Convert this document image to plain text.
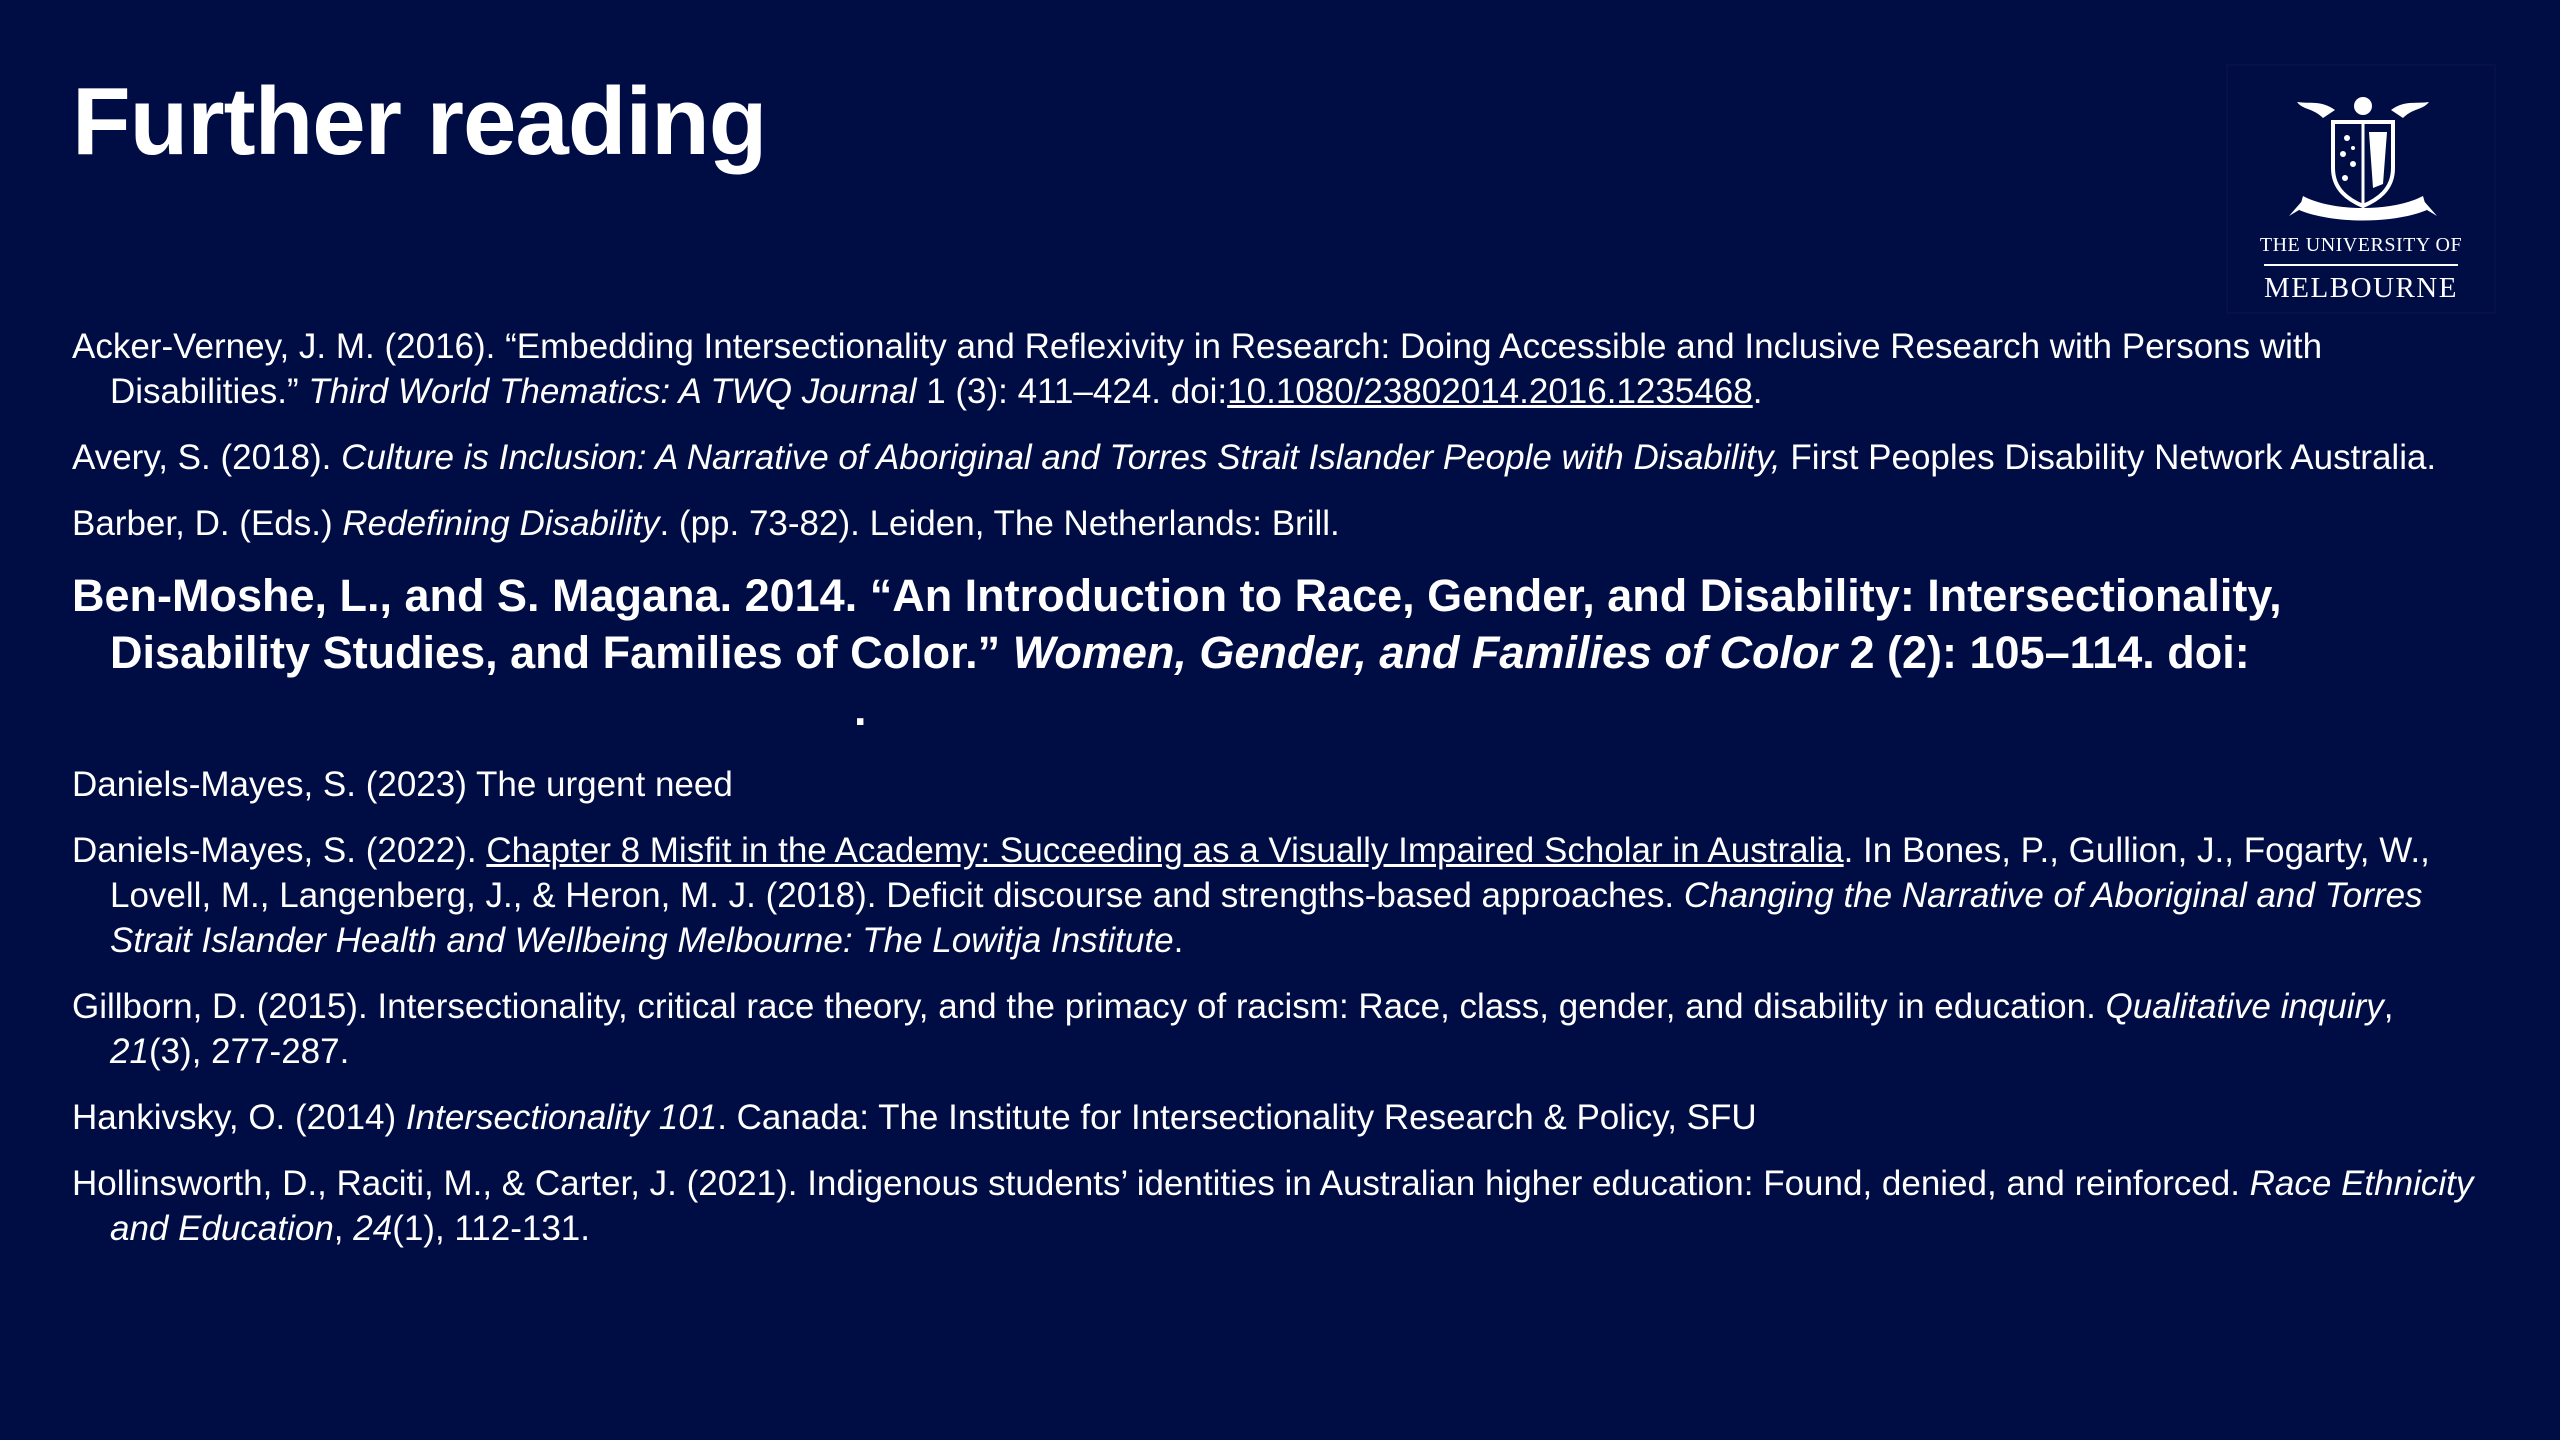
Further reading
THE UNIVERSITY OF
MELBOURNE

Acker-Verney, J. M. (2016). “Embedding Intersectionality and Reflexivity in Research: Doing Accessible and Inclusive Research with Persons with Disabilities.” Third World Thematics: A TWQ Journal 1 (3): 411–424. doi:10.1080/23802014.2016.1235468.

Avery, S. (2018). Culture is Inclusion: A Narrative of Aboriginal and Torres Strait Islander People with Disability, First Peoples Disability Network Australia.

Barber, D. (Eds.) Redefining Disability. (pp. 73-82). Leiden, The Netherlands: Brill.

Ben-Moshe, L., and S. Magana. 2014. “An Introduction to Race, Gender, and Disability: Intersectionality, Disability Studies, and Families of Color.” Women, Gender, and Families of Color 2 (2): 105–114. doi: .

Daniels-Mayes, S. (2023) The urgent need

Daniels-Mayes, S. (2022). Chapter 8 Misfit in the Academy: Succeeding as a Visually Impaired Scholar in Australia. In Bones, P., Gullion, J., Fogarty, W., Lovell, M., Langenberg, J., & Heron, M. J. (2018). Deficit discourse and strengths-based approaches. Changing the Narrative of Aboriginal and Torres Strait Islander Health and Wellbeing Melbourne: The Lowitja Institute.

Gillborn, D. (2015). Intersectionality, critical race theory, and the primacy of racism: Race, class, gender, and disability in education. Qualitative inquiry, 21(3), 277-287.

Hankivsky, O. (2014) Intersectionality 101. Canada: The Institute for Intersectionality Research & Policy, SFU

Hollinsworth, D., Raciti, M., & Carter, J. (2021). Indigenous students’ identities in Australian higher education: Found, denied, and reinforced. Race Ethnicity and Education, 24(1), 112-131.
